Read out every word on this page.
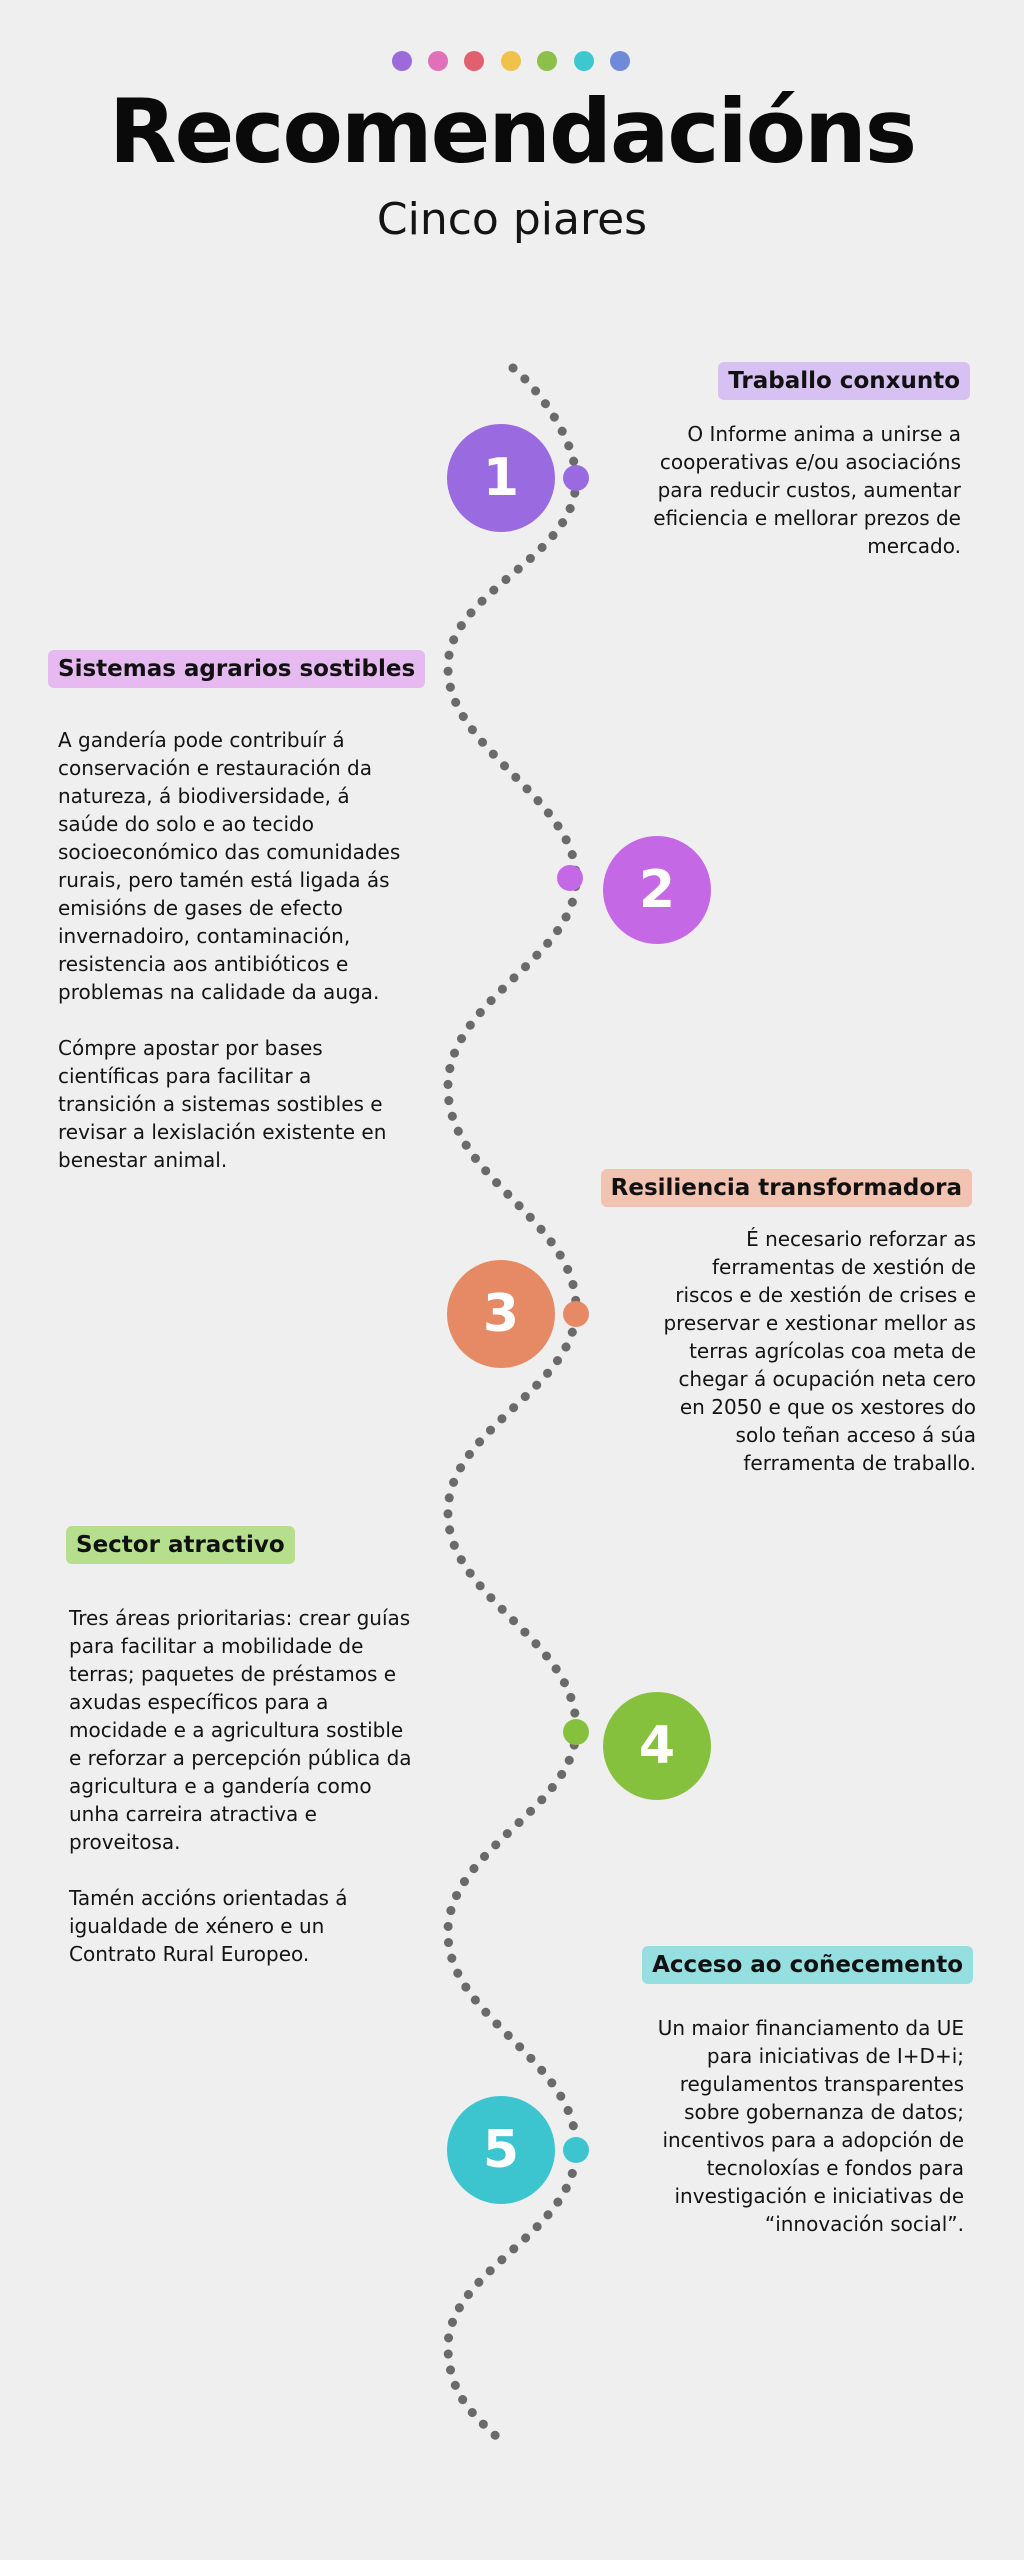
Recomendacións
Cinco piares
1
Traballo conxunto
O Informe anima a unirse a
cooperativas e/ou asociacións
para reducir custos, aumentar
eficiencia e mellorar prezos de
mercado.
2
Sistemas agrarios sostibles
A gandería pode contribuír á
conservación e restauración da
natureza, á biodiversidade, á
saúde do solo e ao tecido
socioeconómico das comunidades
rurais, pero tamén está ligada ás
emisións de gases de efecto
invernadoiro, contaminación,
resistencia aos antibióticos e
problemas na calidade da auga.

Cómpre apostar por bases
científicas para facilitar a
transición a sistemas sostibles e
revisar a lexislación existente en
benestar animal.
3
Resiliencia transformadora
É necesario reforzar as
ferramentas de xestión de
riscos e de xestión de crises e
preservar e xestionar mellor as
terras agrícolas coa meta de
chegar á ocupación neta cero
en 2050 e que os xestores do
solo teñan acceso á súa
ferramenta de traballo.
4
Sector atractivo
Tres áreas prioritarias: crear guías
para facilitar a mobilidade de
terras; paquetes de préstamos e
axudas específicos para a
mocidade e a agricultura sostible
e reforzar a percepción pública da
agricultura e a gandería como
unha carreira atractiva e
proveitosa.

Tamén accións orientadas á
igualdade de xénero e un
Contrato Rural Europeo.
5
Acceso ao coñecemento
Un maior financiamento da UE
para iniciativas de I+D+i;
regulamentos transparentes
sobre gobernanza de datos;
incentivos para a adopción de
tecnoloxías e fondos para
investigación e iniciativas de
“innovación social”.
